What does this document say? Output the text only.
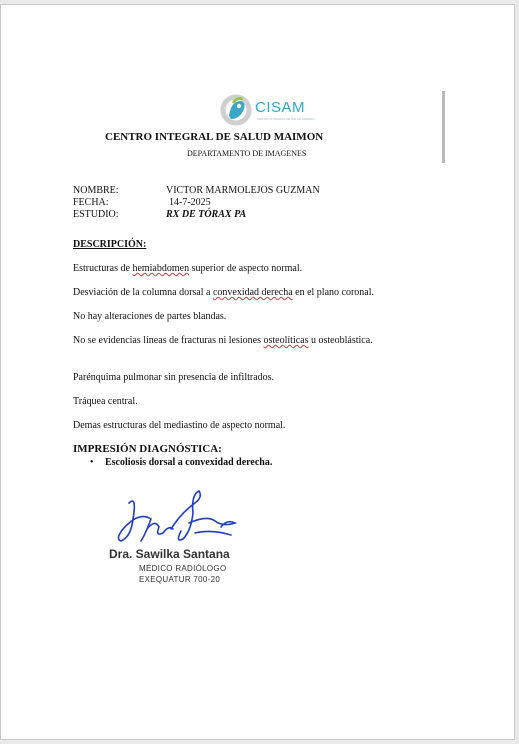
CISAM
CENTRO INTEGRAL DE SALUD MAIMON
CENTRO INTEGRAL DE SALUD MAIMON
DEPARTAMENTO DE IMAGENES
NOMBRE:	VICTOR MARMOLEJOS GUZMAN
FECHA:	14-7-2025
ESTUDIO:	RX DE TÓRAX PA
DESCRIPCIÓN:
Estructuras de hemiabdomen superior de aspecto normal.
Desviación de la columna dorsal a convexidad derecha en el plano coronal.
No hay alteraciones de partes blandas.
No se evidencias líneas de fracturas ni lesiones osteolíticas u osteoblástica.
Parénquima pulmonar sin presencia de infiltrados.
Tráquea central.
Demas estructuras del mediastino de aspecto normal.
IMPRESIÓN DIAGNÓSTICA:
• Escoliosis dorsal a convexidad derecha.
Dra. Sawilka Santana
MÉDICO RADIÓLOGO
EXEQUATUR 700-20
